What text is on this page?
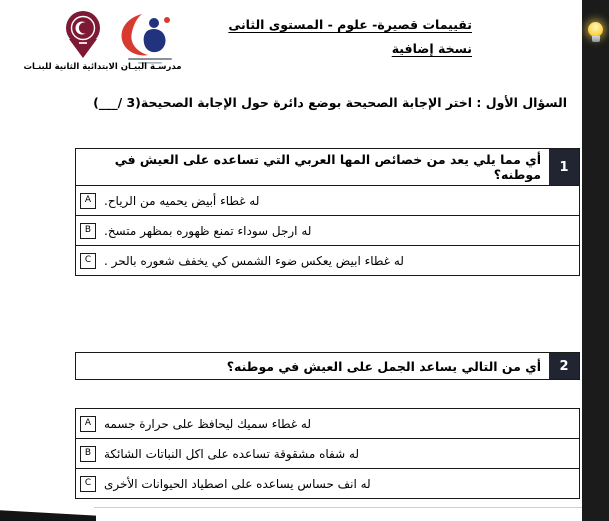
مدرسـة البيـان الابتدائية الثانية للبنـات
تقييمات قصيرة- علوم - المستوى الثانى
نسخة إضافية
السؤال الأول : اختر الإجابة الصحيحة بوضع دائرة حول الإجابة الصحيحة(___/ 3)
1
أي مما يلي يعد من خصائص المها العربي التي تساعده على العيش في موطنه؟
A	له غطاء أبيض يحميه من الرياح.
B	له ارجل سوداء تمنع ظهوره بمظهر متسخ.
C	له غطاء ابيض يعكس ضوء الشمس كي يخفف شعوره بالحر .
2
أي من التالي يساعد الجمل على العيش في موطنه؟
A	له غطاء سميك ليحافظ على حرارة جسمه
B	له شفاه مشقوقة تساعده على اكل النباتات الشائكة
C	له انف حساس يساعده على اصطياد الحيوانات الأخرى
